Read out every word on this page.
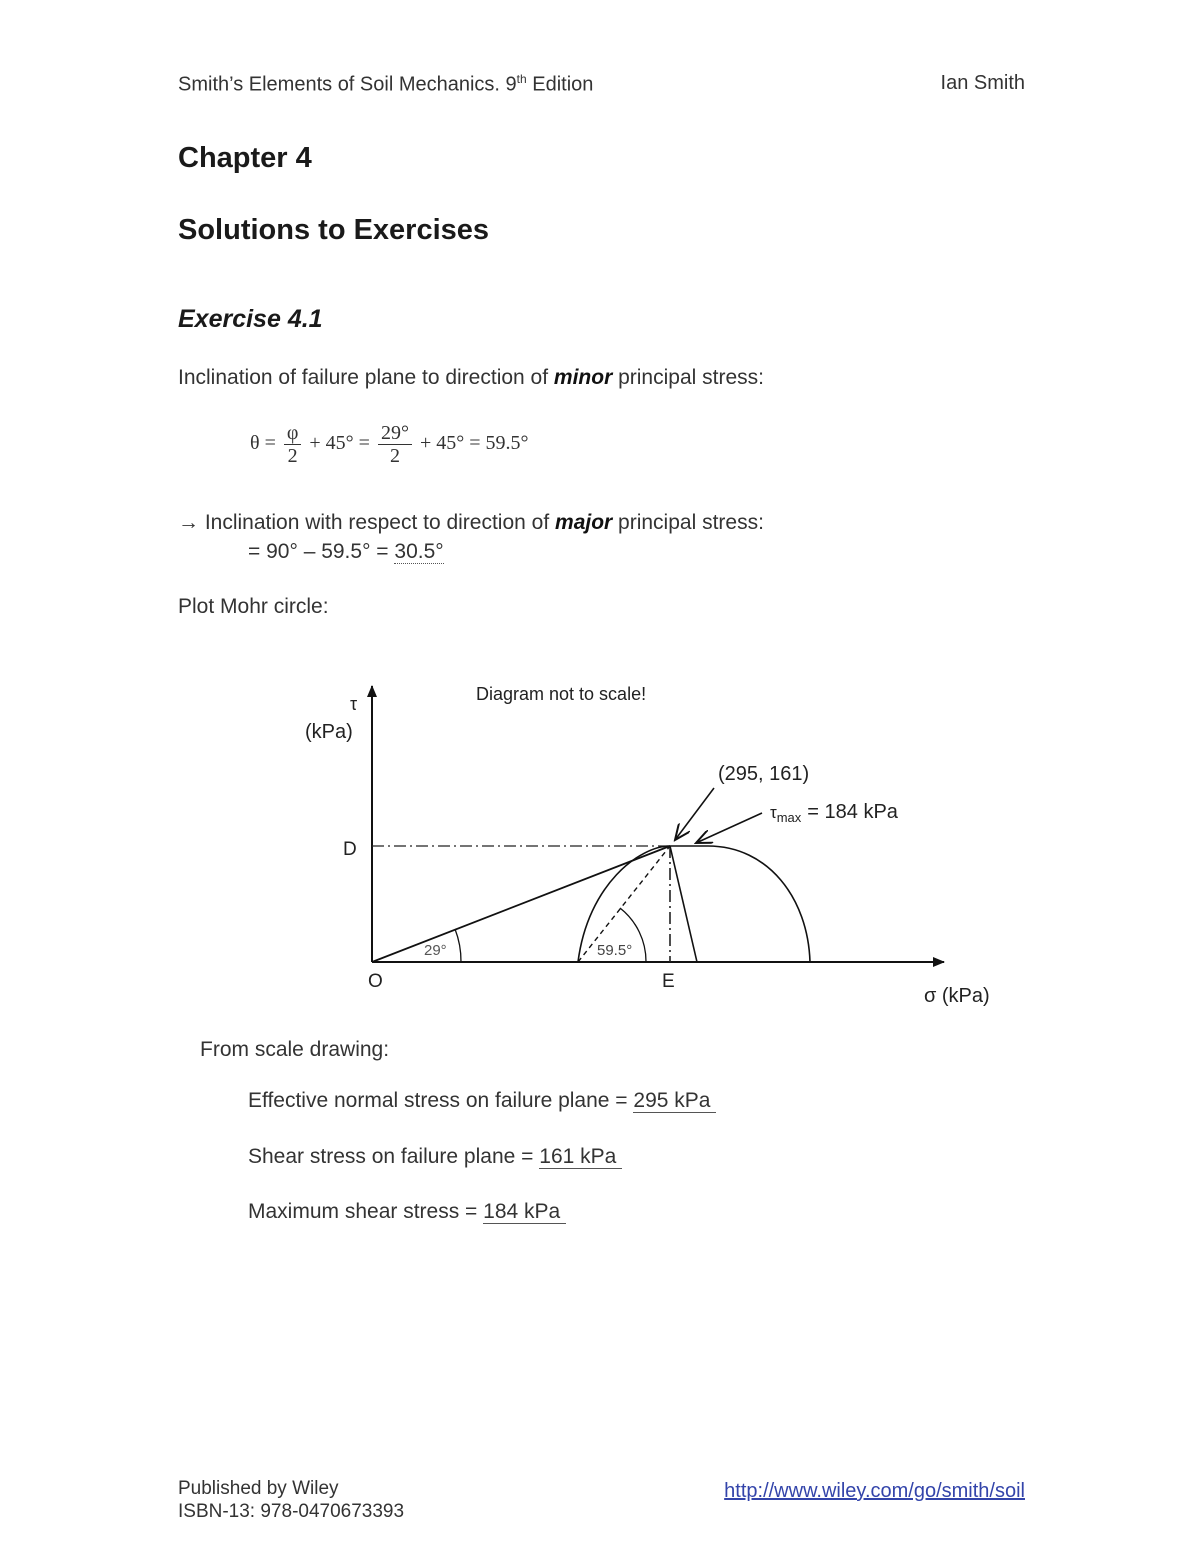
Smith’s Elements of Soil Mechanics. 9th Edition	Ian Smith
Chapter 4
Solutions to Exercises
Exercise 4.1
Inclination of failure plane to direction of minor principal stress:
$\theta = \frac{\varphi}{2} + 45^\circ = \frac{29^\circ}{2} + 45^\circ = 59.5^\circ$
→ Inclination with respect to direction of major principal stress:
= 90° – 59.5° = 30.5°
Plot Mohr circle:
Diagram not to scale!
τ
(kPa)
σ (kPa)
(295, 161)
$\tau_{max} = 184$ kPa
D
O	E
29°	59.5°
From scale drawing:
Effective normal stress on failure plane = 295 kPa
Shear stress on failure plane = 161 kPa
Maximum shear stress = 184 kPa
Published by Wiley
ISBN-13: 978-0470673393
http://www.wiley.com/go/smith/soil
